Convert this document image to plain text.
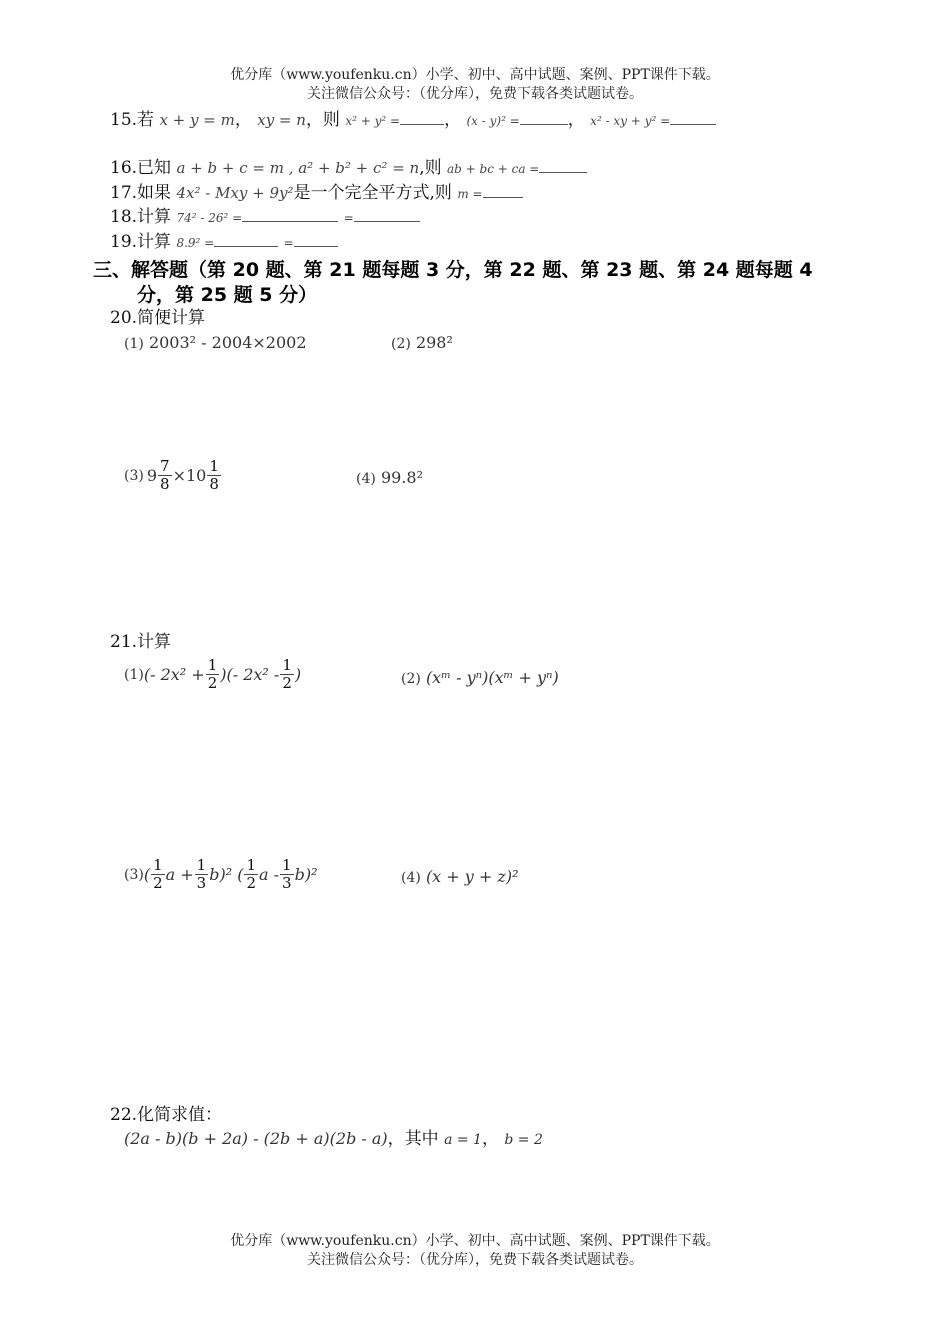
优分库（www.youfenku.cn）小学、初中、高中试题、案例、PPT课件下载。
关注微信公众号：（优分库），免费下载各类试题试卷。
15.若 x + y = m， xy = n，则 x² + y² =	， (x - y)² =	， x² - xy + y² =
16.已知 a + b + c = m , a² + b² + c² = n,则 ab + bc + ca =
17.如果 4x² - Mxy + 9y²是一个完全平方式,则 m =
18.计算 74² - 26² =	=
19.计算 8.9² =	=
三、解答题（第 20 题、第 21 题每题 3 分，第 22 题、第 23 题、第 24 题每题 4
分，第 25 题 5 分）
20.简便计算
(1) 2003² - 2004×2002	(2) 298²
(3) $9 \frac{7}{8} \times 10 \frac{1}{8}$	(4) 99.8²
21.计算
(1) (- $2x^2 + \frac{1}{2}$ )(- $2x^2 - \frac{1}{2}$ )	(2) (xᵐ - yⁿ)(xᵐ + yⁿ)
(3) ( $\frac{1}{2}$ $a + \frac{1}{3} b)^2$ ( $\frac{1}{2}$ a - $\frac{1}{3} b)^2$	(4) (x + y + z)²
22.化简求值：
(2a - b)(b + 2a) - (2b + a)(2b - a)，其中 a = 1， b = 2
优分库（www.youfenku.cn）小学、初中、高中试题、案例、PPT课件下载。
关注微信公众号：（优分库），免费下载各类试题试卷。
